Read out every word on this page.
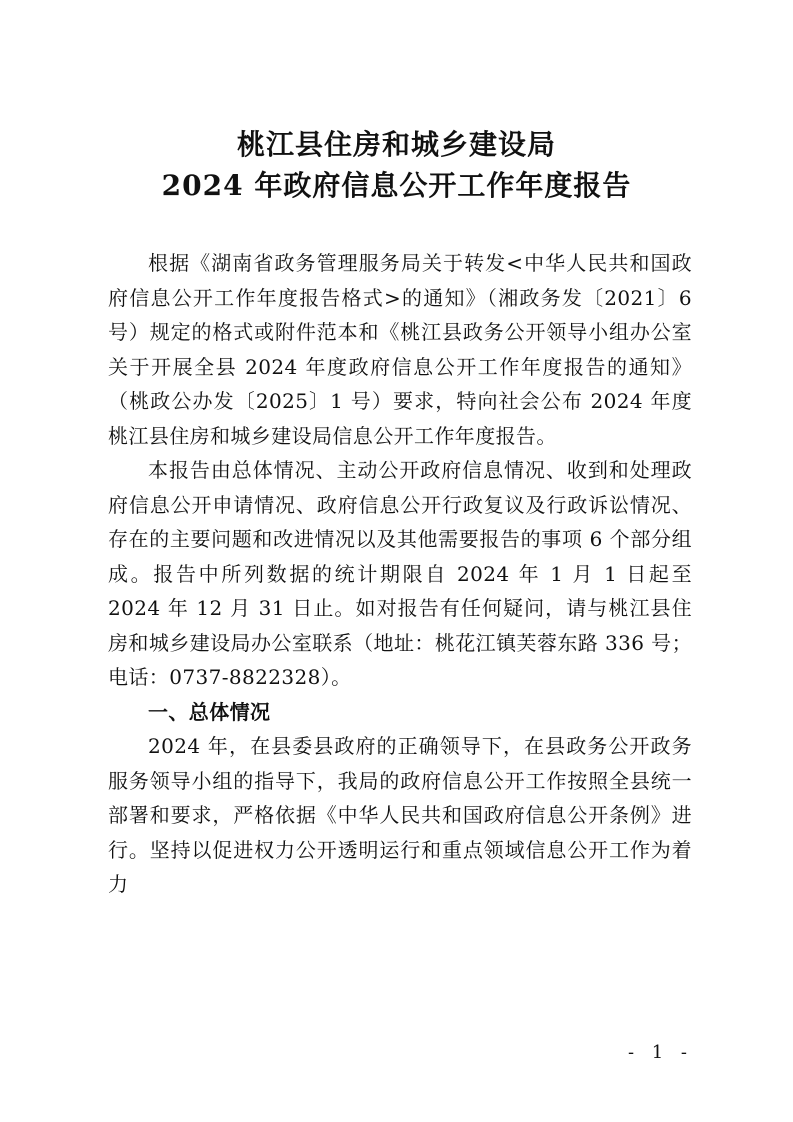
桃江县住房和城乡建设局
2024 年政府信息公开工作年度报告

根据《湖南省政务管理服务局关于转发<中华人民共和国政府信息公开工作年度报告格式>的通知》（湘政务发〔2021〕6 号）规定的格式或附件范本和《桃江县政务公开领导小组办公室关于开展全县 2024 年度政府信息公开工作年度报告的通知》（桃政公办发〔2025〕1 号）要求，特向社会公布 2024 年度桃江县住房和城乡建设局信息公开工作年度报告。

本报告由总体情况、主动公开政府信息情况、收到和处理政府信息公开申请情况、政府信息公开行政复议及行政诉讼情况、存在的主要问题和改进情况以及其他需要报告的事项 6 个部分组成。报告中所列数据的统计期限自 2024 年 1 月 1 日起至 2024 年 12 月 31 日止。如对报告有任何疑问，请与桃江县住房和城乡建设局办公室联系（地址：桃花江镇芙蓉东路 336 号；电话：0737-8822328）。

一、总体情况

2024 年，在县委县政府的正确领导下，在县政务公开政务服务领导小组的指导下，我局的政府信息公开工作按照全县统一部署和要求，严格依据《中华人民共和国政府信息公开条例》进行。坚持以促进权力公开透明运行和重点领域信息公开工作为着力

- 1 -
